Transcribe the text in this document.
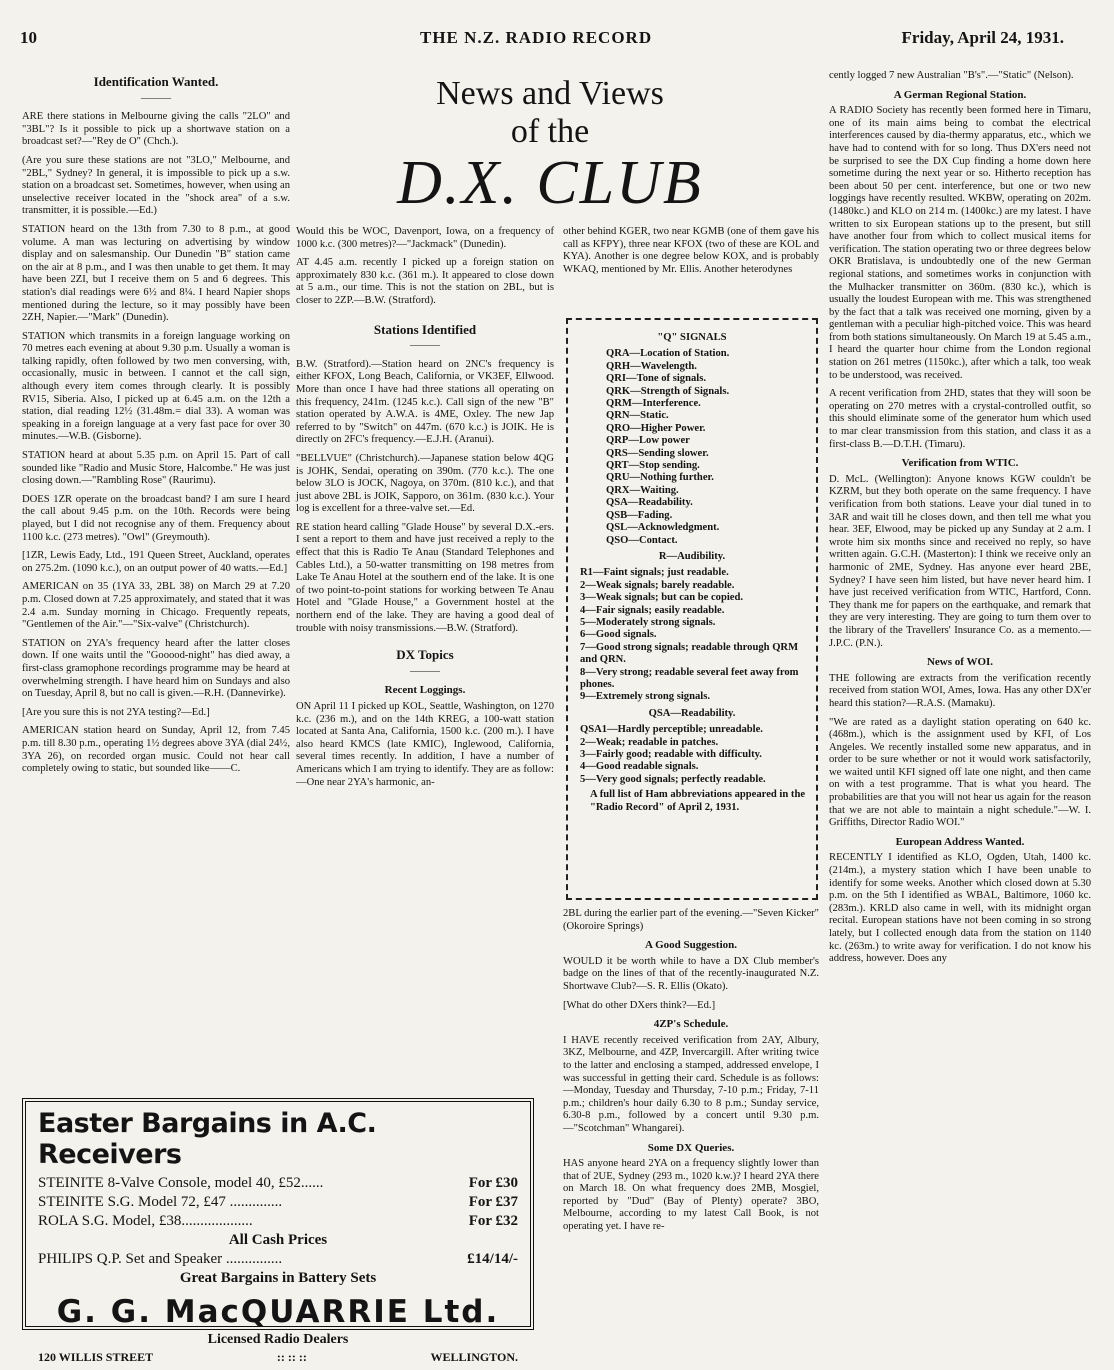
10	THE N.Z. RADIO RECORD	Friday, April 24, 1931.
News and Views
of the
D.X. CLUB
Identification Wanted.
———

ARE there stations in Melbourne giving the calls "2LO" and "3BL"? Is it possible to pick up a shortwave station on a broadcast set?—"Rey de O" (Chch.).

(Are you sure these stations are not "3LO," Melbourne, and "2BL," Sydney? In general, it is impossible to pick up a s.w. station on a broadcast set. Sometimes, however, when using an unselective receiver located in the "shock area" of a s.w. transmitter, it is possible.—Ed.)

STATION heard on the 13th from 7.30 to 8 p.m., at good volume. A man was lecturing on advertising by window display and on salesmanship. Our Dunedin "B" station came on the air at 8 p.m., and I was then unable to get them. It may have been 2ZI, but I receive them on 5 and 6 degrees. This station's dial readings were 6½ and 8¼. I heard Napier shops mentioned during the lecture, so it may possibly have been 2ZH, Napier.—"Mark" (Dunedin).

STATION which transmits in a foreign language working on 70 metres each evening at about 9.30 p.m. Usually a woman is talking rapidly, often followed by two men conversing, with, occasionally, music in between. I cannot et the call sign, although every item comes through clearly. It is possibly RV15, Siberia. Also, I picked up at 6.45 a.m. on the 12th a station, dial reading 12½ (31.48m.= dial 33). A woman was speaking in a foreign language at a very fast pace for over 30 minutes.—W.B. (Gisborne).

STATION heard at about 5.35 p.m. on April 15. Part of call sounded like "Radio and Music Store, Halcombe." He was just closing down.—"Rambling Rose" (Raurimu).

DOES 1ZR operate on the broadcast band? I am sure I heard the call about 9.45 p.m. on the 10th. Records were being played, but I did not recognise any of them. Frequency about 1100 k.c. (273 metres). "Owl" (Greymouth).

[1ZR, Lewis Eady, Ltd., 191 Queen Street, Auckland, operates on 275.2m. (1090 k.c.), on an output power of 40 watts.—Ed.]

AMERICAN on 35 (1YA 33, 2BL 38) on March 29 at 7.20 p.m. Closed down at 7.25 approximately, and stated that it was 2.4 a.m. Sunday morning in Chicago. Frequently repeats, "Gentlemen of the Air."—"Six-valve" (Christchurch).

STATION on 2YA's frequency heard after the latter closes down. If one waits until the "Gooood-night" has died away, a first-class gramophone recordings programme may be heard at overwhelming strength. I have heard him on Sundays and also on Tuesday, April 8, but no call is given.—R.H. (Dannevirke).

[Are you sure this is not 2YA testing?—Ed.]

AMERICAN station heard on Sunday, April 12, from 7.45 p.m. till 8.30 p.m., operating 1½ degrees above 3YA (dial 24½, 3YA 26), on recorded organ music. Could not hear call completely owing to static, but sounded like——C.

Would this be WOC, Davenport, Iowa, on a frequency of 1000 k.c. (300 metres)?—"Jackmack" (Dunedin).

AT 4.45 a.m. recently I picked up a foreign station on approximately 830 k.c. (361 m.). It appeared to close down at 5 a.m., our time. This is not the station on 2BL, but is closer to 2ZP.—B.W. (Stratford).

Stations Identified
———

B.W. (Stratford).—Station heard on 2NC's frequency is either KFOX, Long Beach, California, or VK3EF, Ellwood. More than once I have had three stations all operating on this frequency, 241m. (1245 k.c.). Call sign of the new "B" station operated by A.W.A. is 4ME, Oxley. The new Jap referred to by "Switch" on 447m. (670 k.c.) is JOIK. He is directly on 2FC's frequency.—E.J.H. (Aranui).

"BELLVUE" (Christchurch).—Japanese station below 4QG is JOHK, Sendai, operating on 390m. (770 k.c.). The one below 3LO is JOCK, Nagoya, on 370m. (810 k.c.), and that just above 2BL is JOIK, Sapporo, on 361m. (830 k.c.). Your log is excellent for a three-valve set.—Ed.

RE station heard calling "Glade House" by several D.X.-ers. I sent a report to them and have just received a reply to the effect that this is Radio Te Anau (Standard Telephones and Cables Ltd.), a 50-watter transmitting on 198 metres from Lake Te Anau Hotel at the southern end of the lake. It is one of two point-to-point stations for working between Te Anau Hotel and "Glade House," a Government hostel at the northern end of the lake. They are having a good deal of trouble with noisy transmissions.—B.W. (Stratford).

DX Topics
———
Recent Loggings.

ON April 11 I picked up KOL, Seattle, Washington, on 1270 k.c. (236 m.), and on the 14th KREG, a 100-watt station located at Santa Ana, California, 1500 k.c. (200 m.). I have also heard KMCS (late KMIC), Inglewood, California, several times recently. In addition, I have a number of Americans which I am trying to identify. They are as follow:—One near 2YA's harmonic, an-

other behind KGER, two near KGMB (one of them gave his call as KFPY), three near KFOX (two of these are KOL and KYA). Another is one degree below KOX, and is probably WKAQ, mentioned by Mr. Ellis. Another heterodynes

"Q" SIGNALS
QRA—Location of Station.
QRH—Wavelength.
QRI—Tone of signals.
QRK—Strength of Signals.
QRM—Interference.
QRN—Static.
QRO—Higher Power.
QRP—Low power
QRS—Sending slower.
QRT—Stop sending.
QRU—Nothing further.
QRX—Waiting.
QSA—Readability.
QSB—Fading.
QSL—Acknowledgment.
QSO—Contact.
R—Audibility.
R1—Faint signals; just readable.
2—Weak signals; barely readable.
3—Weak signals; but can be copied.
4—Fair signals; easily readable.
5—Moderately strong signals.
6—Good signals.
7—Good strong signals; readable through QRM and QRN.
8—Very strong; readable several feet away from phones.
9—Extremely strong signals.
QSA—Readability.
QSA1—Hardly perceptible; unreadable.
2—Weak; readable in patches.
3—Fairly good; readable with difficulty.
4—Good readable signals.
5—Very good signals; perfectly readable.
A full list of Ham abbreviations appeared in the "Radio Record" of April 2, 1931.

2BL during the earlier part of the evening.—"Seven Kicker" (Okoroire Springs)

A Good Suggestion.

WOULD it be worth while to have a DX Club member's badge on the lines of that of the recently-inaugurated N.Z. Shortwave Club?—S. R. Ellis (Okato).

[What do other DXers think?—Ed.]

4ZP's Schedule.

I HAVE recently received verification from 2AY, Albury, 3KZ, Melbourne, and 4ZP, Invercargill. After writing twice to the latter and enclosing a stamped, addressed envelope, I was successful in getting their card. Schedule is as follows:—Monday, Tuesday and Thursday, 7-10 p.m.; Friday, 7-11 p.m.; children's hour daily 6.30 to 8 p.m.; Sunday service, 6.30-8 p.m., followed by a concert until 9.30 p.m.—"Scotchman" Whangarei).

Some DX Queries.

HAS anyone heard 2YA on a frequency slightly lower than that of 2UE, Sydney (293 m., 1020 k.w.)? I heard 2YA there on March 18. On what frequency does 2MB, Mosgiel, reported by "Dud" (Bay of Plenty) operate? 3BO, Melbourne, according to my latest Call Book, is not operating yet. I have re-

cently logged 7 new Australian "B's".—"Static" (Nelson).

A German Regional Station.

A RADIO Society has recently been formed here in Timaru, one of its main aims being to combat the electrical interferences caused by dia-thermy apparatus, etc., which we have had to contend with for so long. Thus DX'ers need not be surprised to see the DX Cup finding a home down here sometime during the next year or so. Hitherto reception has been about 50 per cent. interference, but one or two new loggings have recently resulted. WKBW, operating on 202m. (1480kc.) and KLO on 214 m. (1400kc.) are my latest. I have written to six European stations up to the present, but still have another four from which to collect musical items for verification. The station operating two or three degrees below OKR Bratislava, is undoubtedly one of the new German regional stations, and sometimes works in conjunction with the Mulhacker transmitter on 360m. (830 kc.), which is usually the loudest European with me. This was strengthened by the fact that a talk was received one morning, given by a gentleman with a peculiar high-pitched voice. This was heard from both stations simultaneously. On March 19 at 5.45 a.m., I heard the quarter hour chime from the London regional station on 261 metres (1150kc.), after which a talk, too weak to be understood, was received.

A recent verification from 2HD, states that they will soon be operating on 270 metres with a crystal-controlled outfit, so this should eliminate some of the generator hum which used to mar clear transmission from this station, and class it as a first-class B.—D.T.H. (Timaru).

Verification from WTIC.

D. McL. (Wellington): Anyone knows KGW couldn't be KZRM, but they both operate on the same frequency. I have verification from both stations. Leave your dial tuned in to 3AR and wait till he closes down, and then tell me what you hear. 3EF, Elwood, may be picked up any Sunday at 2 a.m. I wrote him six months since and received no reply, so have written again. G.C.H. (Masterton): I think we receive only an harmonic of 2ME, Sydney. Has anyone ever heard 2BE, Sydney? I have seen him listed, but have never heard him. I have just received verification from WTIC, Hartford, Conn. They thank me for papers on the earthquake, and remark that they are very interesting. They are going to turn them over to the library of the Travellers' Insurance Co. as a memento.—J.P.C. (P.N.).

News of WOI.

THE following are extracts from the verification recently received from station WOI, Ames, Iowa. Has any other DX'er heard this station?—R.A.S. (Mamaku).

"We are rated as a daylight station operating on 640 kc. (468m.), which is the assignment used by KFI, of Los Angeles. We recently installed some new apparatus, and in order to be sure whether or not it would work satisfactorily, we waited until KFI signed off late one night, and then came on with a test programme. That is what you heard. The probabilities are that you will not hear us again for the reason that we are not able to maintain a night schedule."—W. I. Griffiths, Director Radio WOI."

European Address Wanted.

RECENTLY I identified as KLO, Ogden, Utah, 1400 kc. (214m.), a mystery station which I have been unable to identify for some weeks. Another which closed down at 5.30 p.m. on the 5th I identified as WBAL, Baltimore, 1060 kc. (283m.). KRLD also came in well, with its midnight organ recital. European stations have not been coming in so strong lately, but I collected enough data from the station on 1140 kc. (263m.) to write away for verification. I do not know his address, however. Does any

Easter Bargains in A.C. Receivers
STEINITE 8-Valve Console, model 40, £52......	For £30
STEINITE S.G. Model 72, £47 ..............	For £37
ROLA S.G. Model, £38...................	For £32
All Cash Prices
PHILIPS Q.P. Set and Speaker ...............	£14/14/-
Great Bargains in Battery Sets
G. G. MacQUARRIE Ltd.
Licensed Radio Dealers
120 WILLIS STREET	:: :: ::	WELLINGTON.
